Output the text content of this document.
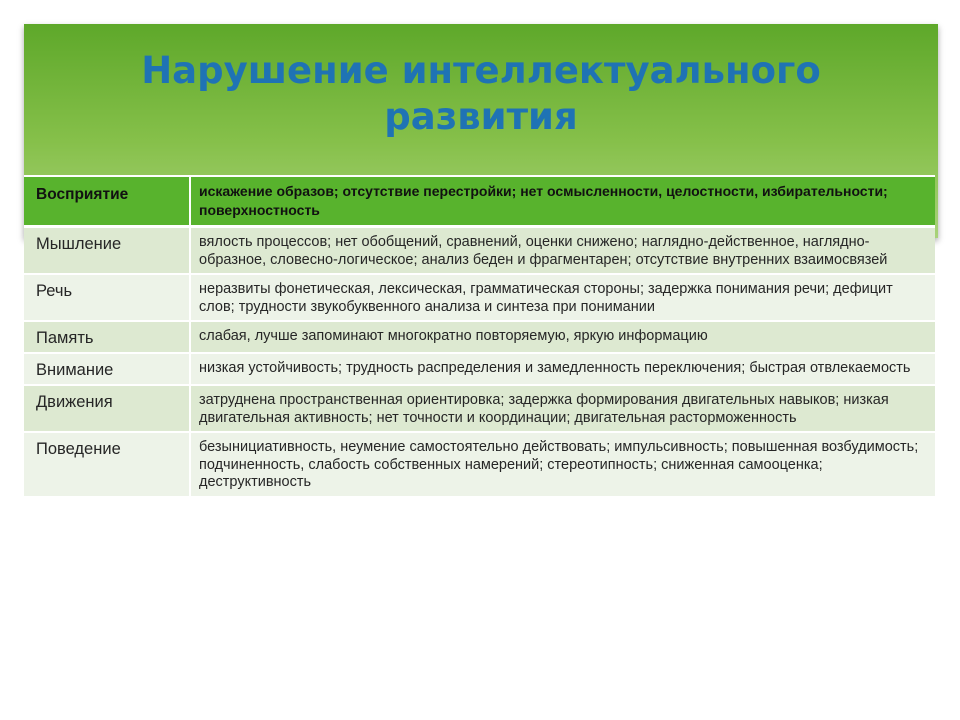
Нарушение интеллектуального
развития
Восприятие	искажение образов; отсутствие перестройки; нет осмысленности, целостности, избирательности; поверхностность
Мышление	вялость процессов; нет обобщений, сравнений, оценки снижено; наглядно-действенное, наглядно-образное, словесно-логическое; анализ беден и фрагментарен; отсутствие внутренних взаимосвязей
Речь	неразвиты фонетическая, лексическая, грамматическая стороны; задержка понимания речи; дефицит слов; трудности звукобуквенного анализа и синтеза при понимании
Память	слабая, лучше запоминают многократно повторяемую, яркую информацию
Внимание	низкая устойчивость; трудность распределения и замедленность переключения; быстрая отвлекаемость
Движения	затруднена пространственная ориентировка; задержка формирования двигательных навыков; низкая двигательная активность; нет точности и координации; двигательная расторможенность
Поведение	безынициативность, неумение самостоятельно действовать; импульсивность; повышенная возбудимость; подчиненность, слабость собственных намерений; стереотипность; сниженная самооценка; деструктивность
